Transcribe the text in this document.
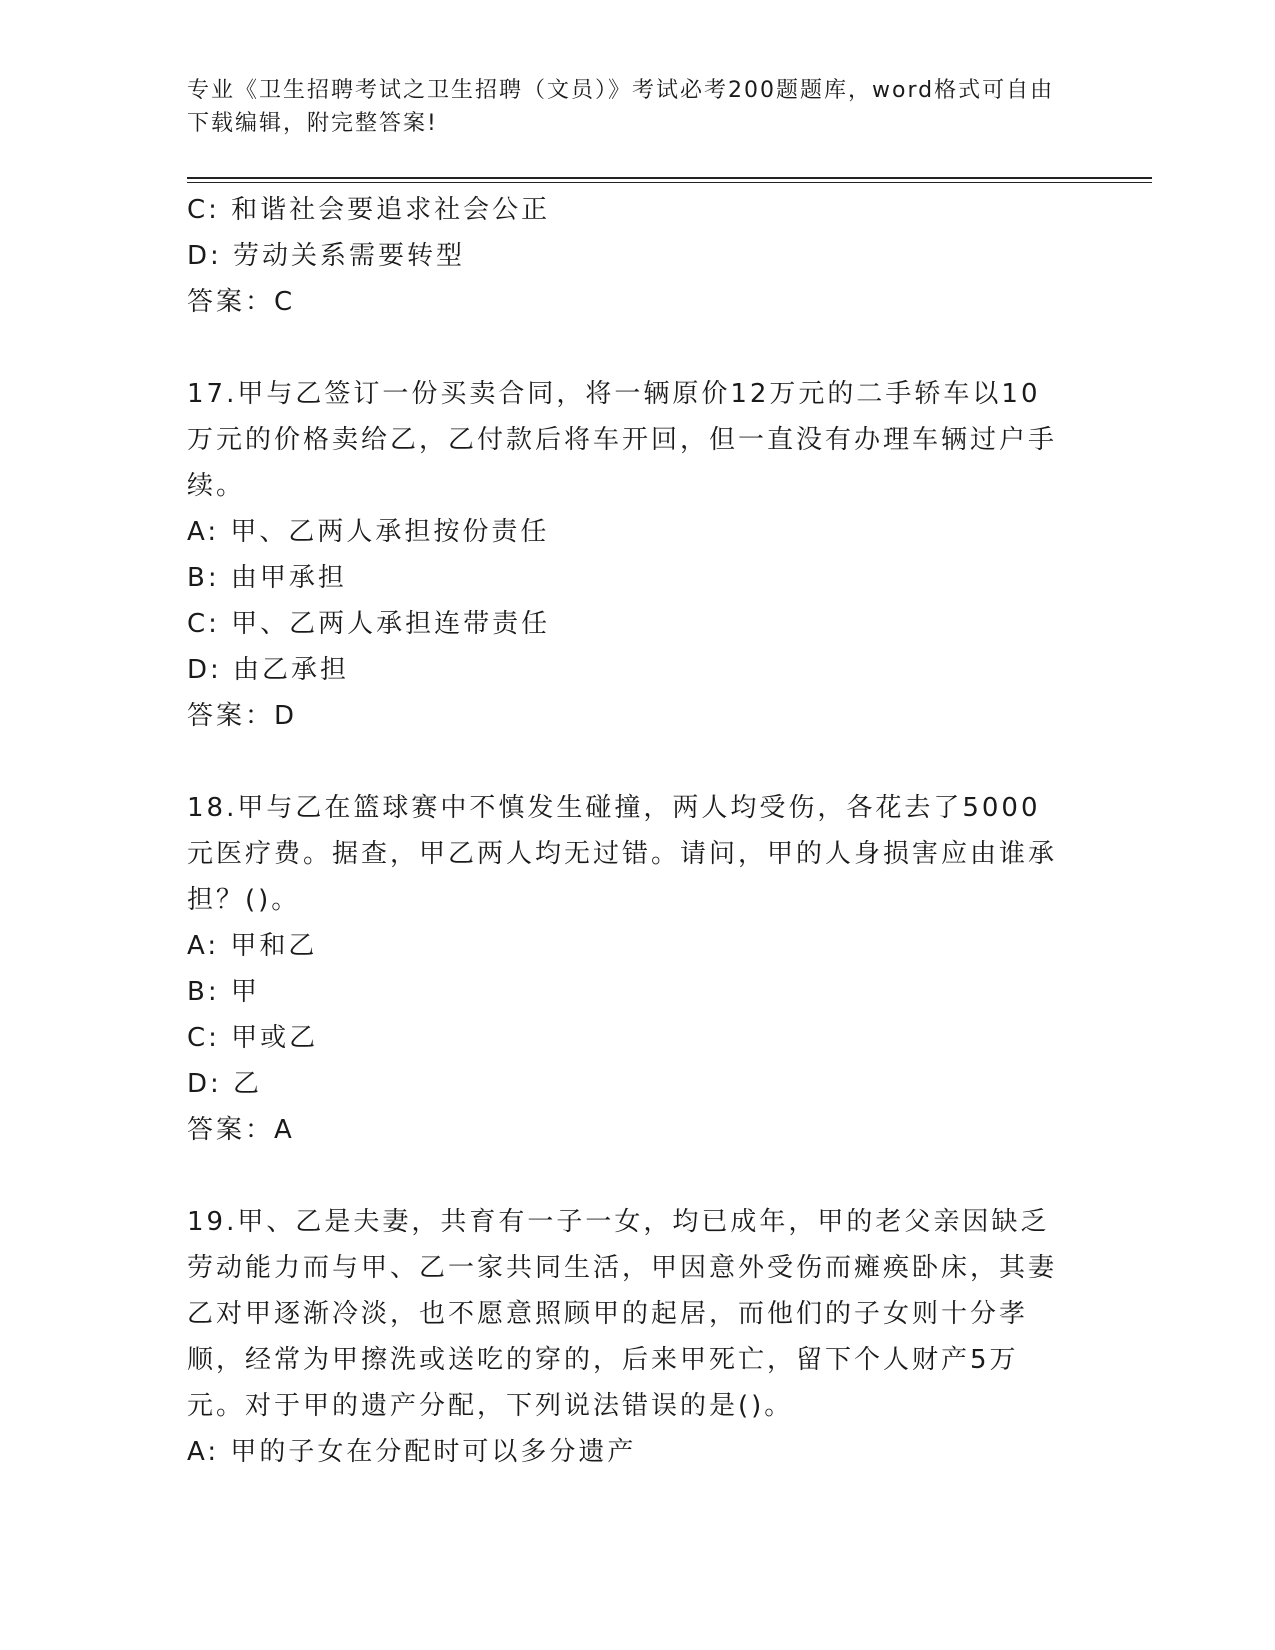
专业《卫生招聘考试之卫生招聘（文员）》考试必考200题题库，word格式可自由下载编辑，附完整答案!
C: 和谐社会要追求社会公正
D: 劳动关系需要转型
答案：C
17.甲与乙签订一份买卖合同，将一辆原价12万元的二手轿车以10万元的价格卖给乙，乙付款后将车开回，但一直没有办理车辆过户手续。
A: 甲、乙两人承担按份责任
B: 由甲承担
C: 甲、乙两人承担连带责任
D: 由乙承担
答案：D
18.甲与乙在篮球赛中不慎发生碰撞，两人均受伤，各花去了5000元医疗费。据查，甲乙两人均无过错。请问，甲的人身损害应由谁承担？()。
A: 甲和乙
B: 甲
C: 甲或乙
D: 乙
答案：A
19.甲、乙是夫妻，共育有一子一女，均已成年，甲的老父亲因缺乏劳动能力而与甲、乙一家共同生活，甲因意外受伤而瘫痪卧床，其妻乙对甲逐渐冷淡，也不愿意照顾甲的起居，而他们的子女则十分孝顺，经常为甲擦洗或送吃的穿的，后来甲死亡，留下个人财产5万元。对于甲的遗产分配，下列说法错误的是()。
A: 甲的子女在分配时可以多分遗产
